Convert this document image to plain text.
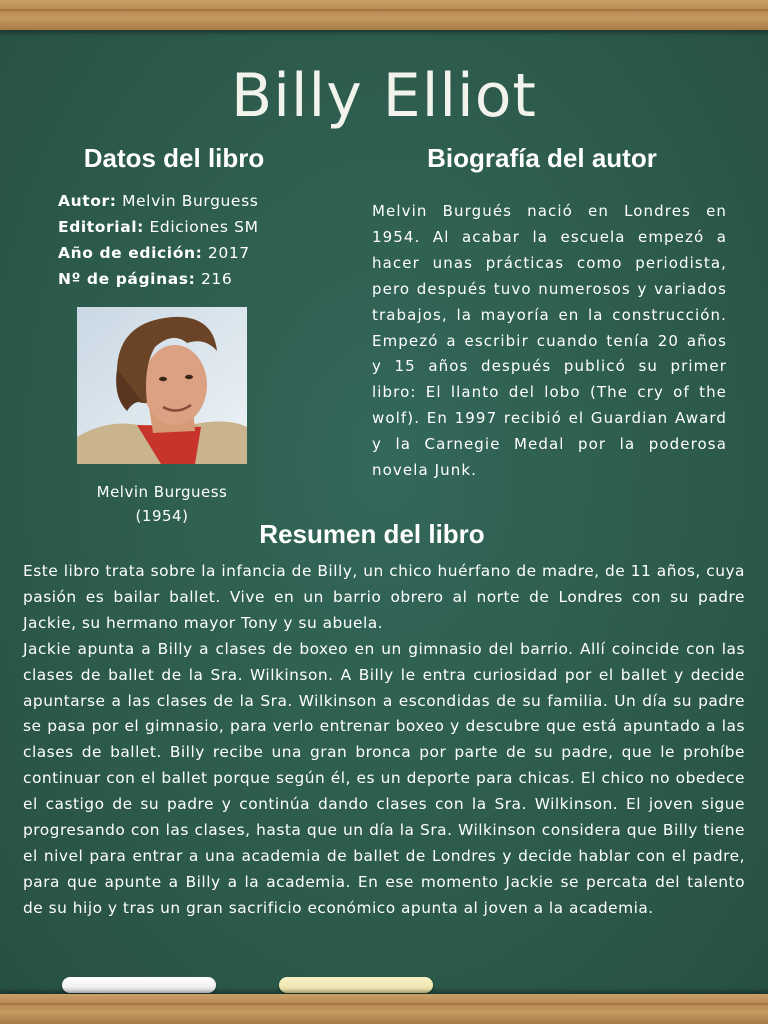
Billy Elliot
Datos del libro	Biografía del autor
Autor: Melvin Burguess
Editorial: Ediciones SM
Año de edición: 2017
Nº de páginas: 216
Melvin Burguess
(1954)

Melvin Burgués nació en Londres en 1954. Al acabar la escuela empezó a hacer unas prácticas como periodista, pero después tuvo numerosos y variados trabajos, la mayoría en la construcción. Empezó a escribir cuando tenía 20 años y 15 años después publicó su primer libro: El llanto del lobo (The cry of the wolf). En 1997 recibió el Guardian Award y la Carnegie Medal por la poderosa novela Junk.

Resumen del libro

Este libro trata sobre la infancia de Billy, un chico huérfano de madre, de 11 años, cuya pasión es bailar ballet. Vive en un barrio obrero al norte de Londres con su padre Jackie, su hermano mayor Tony y su abuela.

Jackie apunta a Billy a clases de boxeo en un gimnasio del barrio. Allí coincide con las clases de ballet de la Sra. Wilkinson. A Billy le entra curiosidad por el ballet y decide apuntarse a las clases de la Sra. Wilkinson a escondidas de su familia. Un día su padre se pasa por el gimnasio, para verlo entrenar boxeo y descubre que está apuntado a las clases de ballet. Billy recibe una gran bronca por parte de su padre, que le prohíbe continuar con el ballet porque según él, es un deporte para chicas. El chico no obedece el castigo de su padre y continúa dando clases con la Sra. Wilkinson. El joven sigue progresando con las clases, hasta que un día la Sra. Wilkinson considera que Billy tiene el nivel para entrar a una academia de ballet de Londres y decide hablar con el padre, para que apunte a Billy a la academia. En ese momento Jackie se percata del talento de su hijo y tras un gran sacrificio económico apunta al joven a la academia.
